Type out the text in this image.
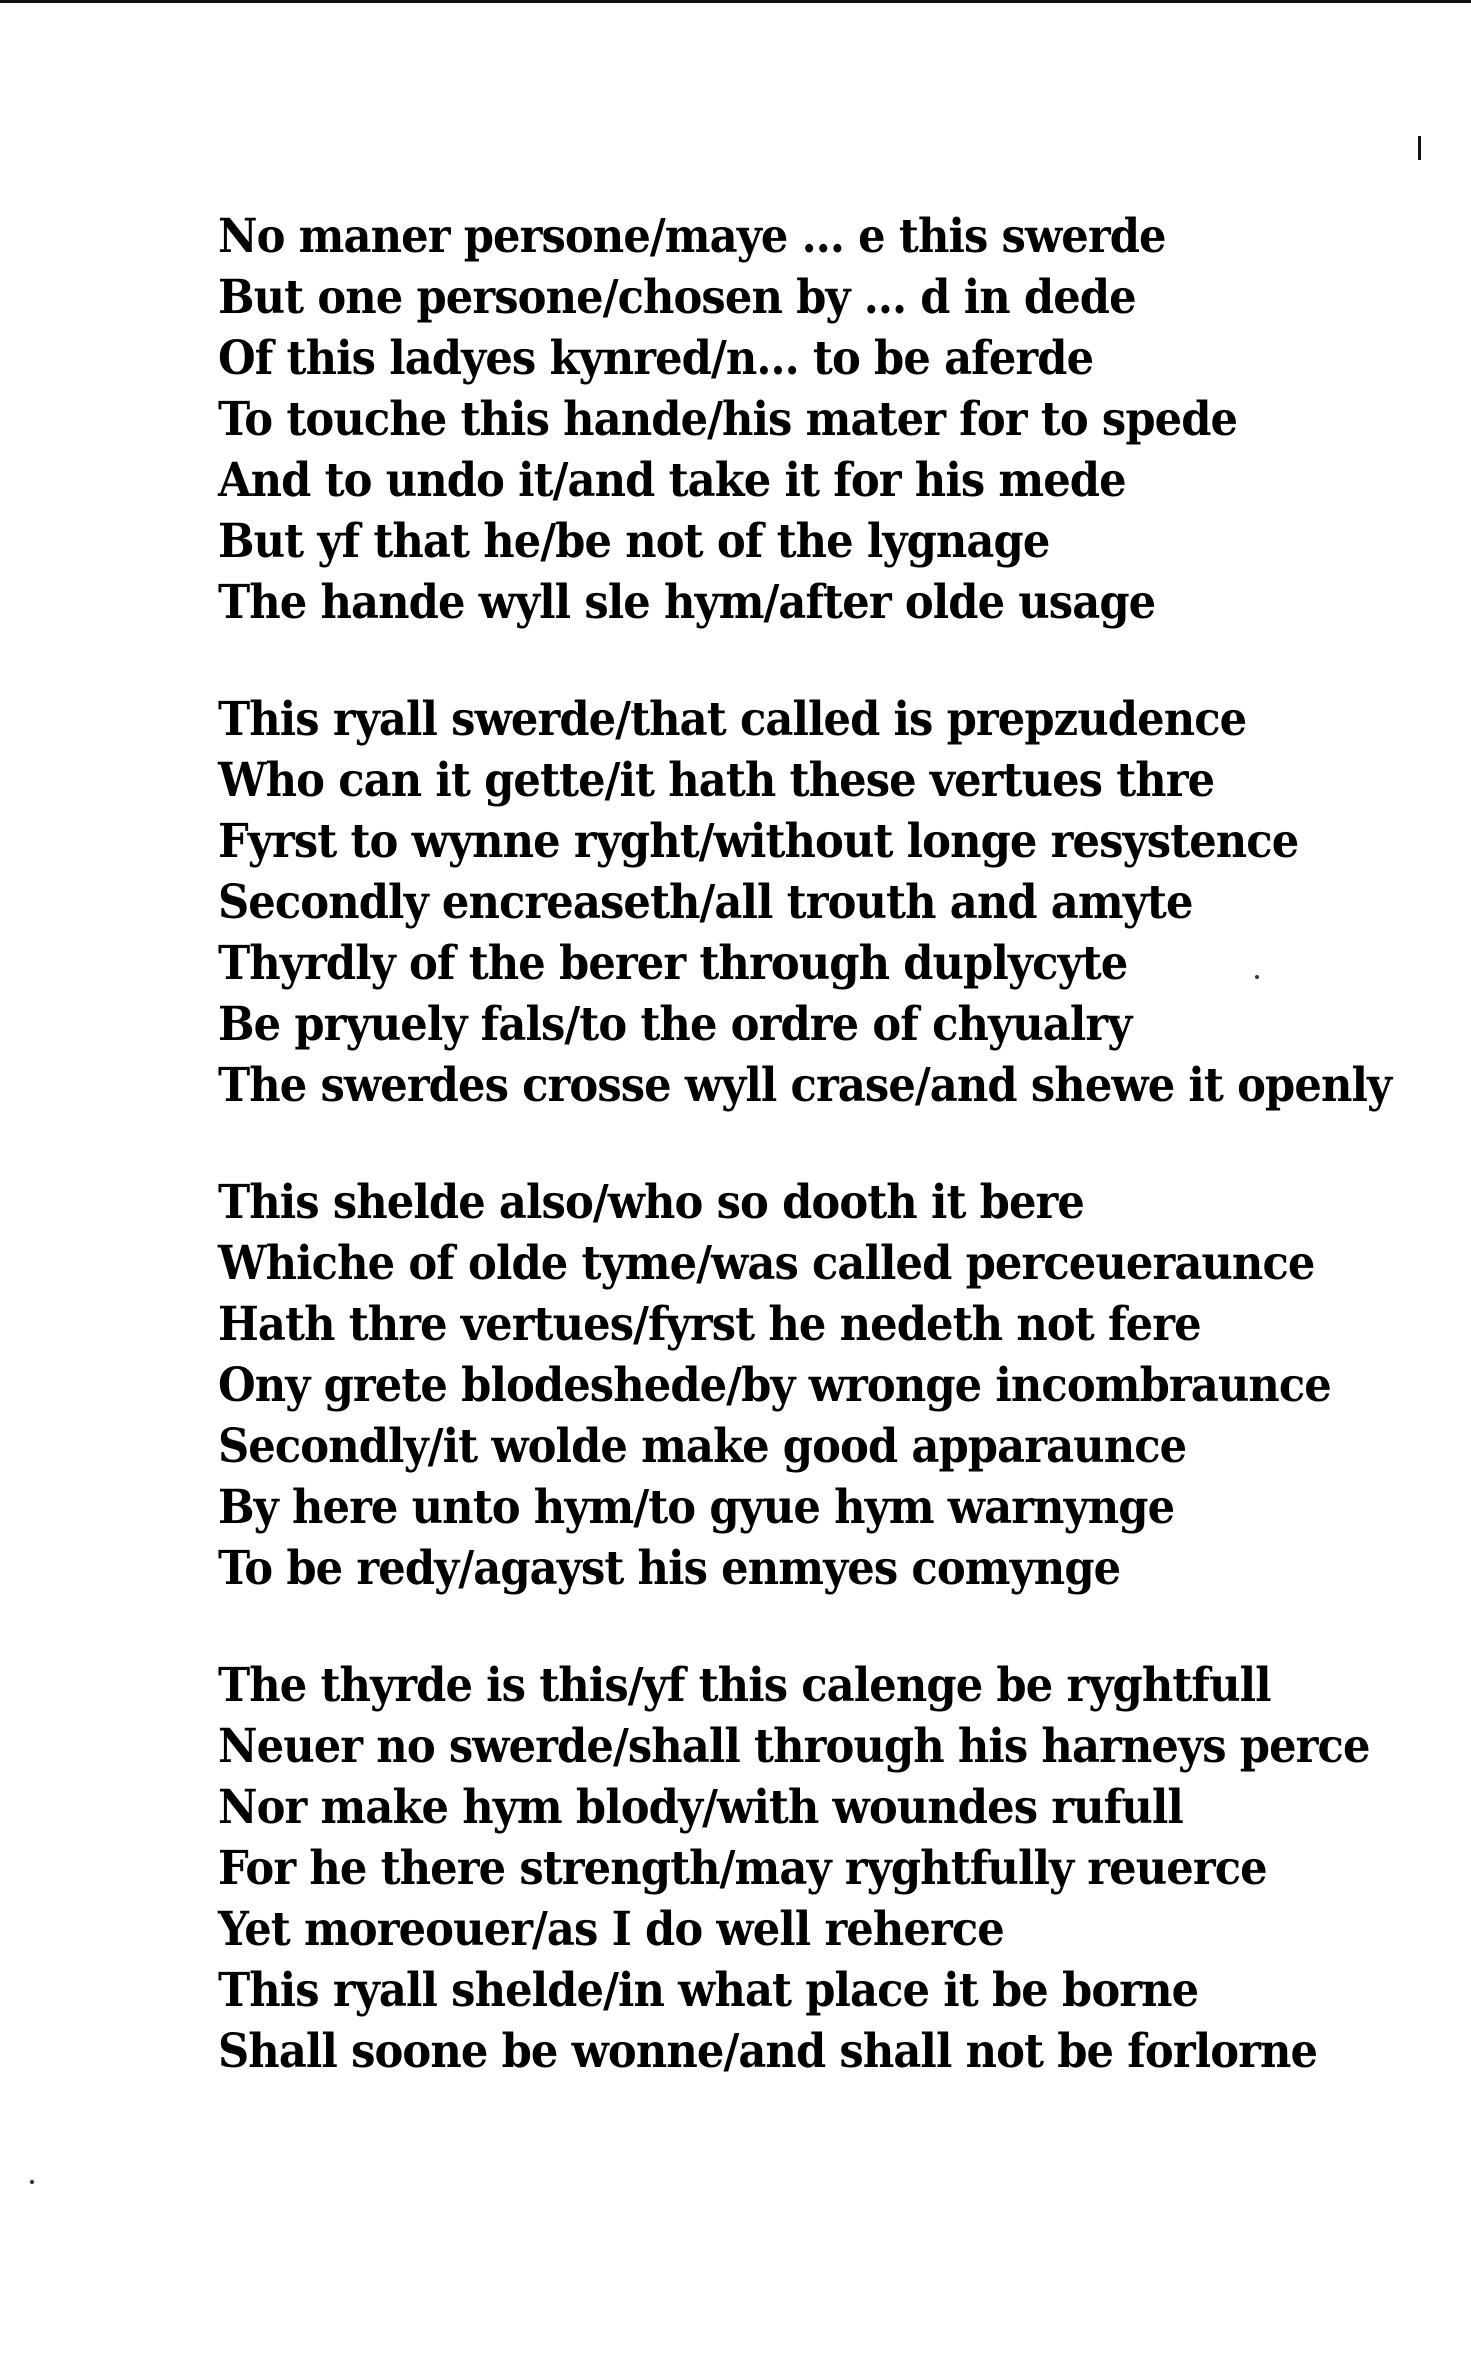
No maner persone/maye ... e this swerde
But one persone/chosen by ... d in dede
Of this ladyes kynred/n... to be aferde
To touche this hande/his mater for to spede
And to undo it/and take it for his mede
But yf that he/be not of the lygnage
The hande wyll sle hym/after olde usage
This ryall swerde/that called is prepzudence
Who can it gette/it hath these vertues thre
Fyrst to wynne ryght/without longe resystence
Secondly encreaseth/all trouth and amyte
Thyrdly of the berer through duplycyte
Be pryuely fals/to the ordre of chyualry
The swerdes crosse wyll crase/and shewe it openly
This shelde also/who so dooth it bere
Whiche of olde tyme/was called perceueraunce
Hath thre vertues/fyrst he nedeth not fere
Ony grete blodeshede/by wronge incombraunce
Secondly/it wolde make good apparaunce
By here unto hym/to gyue hym warnynge
To be redy/agayst his enmyes comynge
The thyrde is this/yf this calenge be ryghtfull
Neuer no swerde/shall through his harneys perce
Nor make hym blody/with woundes rufull
For he there strength/may ryghtfully reuerce
Yet moreouer/as I do well reherce
This ryall shelde/in what place it be borne
Shall soone be wonne/and shall not be forlorne
